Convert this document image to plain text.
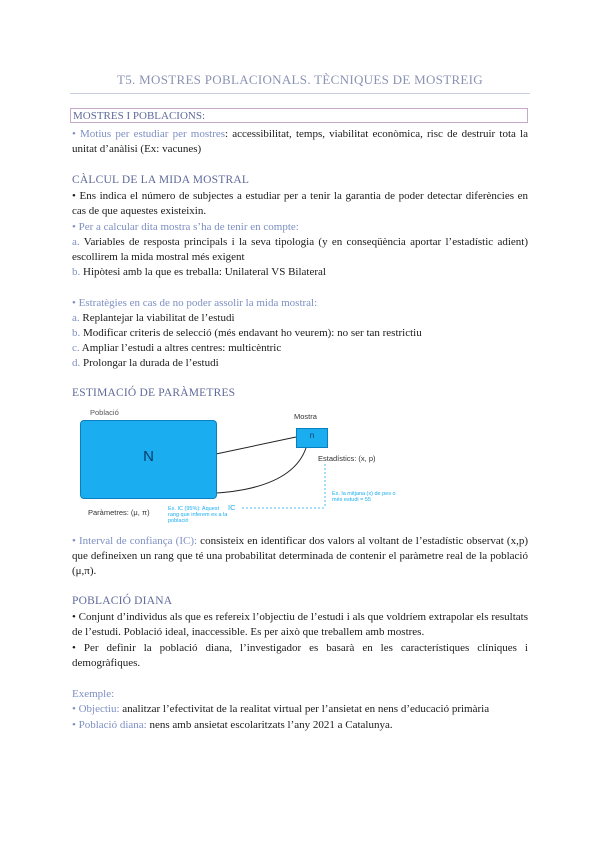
T5. MOSTRES POBLACIONALS. TÈCNIQUES DE MOSTREIG
MOSTRES I POBLACIONS:
• Motius per estudiar per mostres: accessibilitat, temps, viabilitat econòmica, risc de destruir tota la unitat d’anàlisi (Ex: vacunes)
CÀLCUL DE LA MIDA MOSTRAL
• Ens indica el número de subjectes a estudiar per a tenir la garantia de poder detectar diferències en cas de que aquestes existeixin.
• Per a calcular dita mostra s’ha de tenir en compte:
a. Variables de resposta principals i la seva tipologia (y en conseqüència aportar l’estadístic adient) escollirem la mida mostral més exigent
b. Hipòtesi amb la que es treballa: Unilateral VS Bilateral
• Estratègies en cas de no poder assolir la mida mostral:
a. Replantejar la viabilitat de l’estudi
b. Modificar criteris de selecció (més endavant ho veurem): no ser tan restrictiu
c. Ampliar l’estudi a altres centres: multicèntric
d. Prolongar la durada de l’estudi
ESTIMACIÓ DE PARÀMETRES
Població
N
Mostra
n
Estadístics: (x, p)
Paràmetres: (μ, π)
IC
Ex. IC (95%): Aquest rang que inferem es a la població
Ex. la mitjana (x) de pes o més estudi = 55
• Interval de confiança (IC): consisteix en identificar dos valors al voltant de l’estadístic observat (x,p) que defineixen un rang que té una probabilitat determinada de contenir el paràmetre real de la població (μ,π).
POBLACIÓ DIANA
• Conjunt d’individus als que es refereix l’objectiu de l’estudi i als que voldríem extrapolar els resultats de l’estudi. Població ideal, inaccessible. Es per això que treballem amb mostres.
• Per definir la població diana, l’investigador es basarà en les característiques clíniques i demogràfiques.
Exemple:
• Objectiu: analitzar l’efectivitat de la realitat virtual per l’ansietat en nens d’educació primària
• Població diana: nens amb ansietat escolaritzats l’any 2021 a Catalunya.
